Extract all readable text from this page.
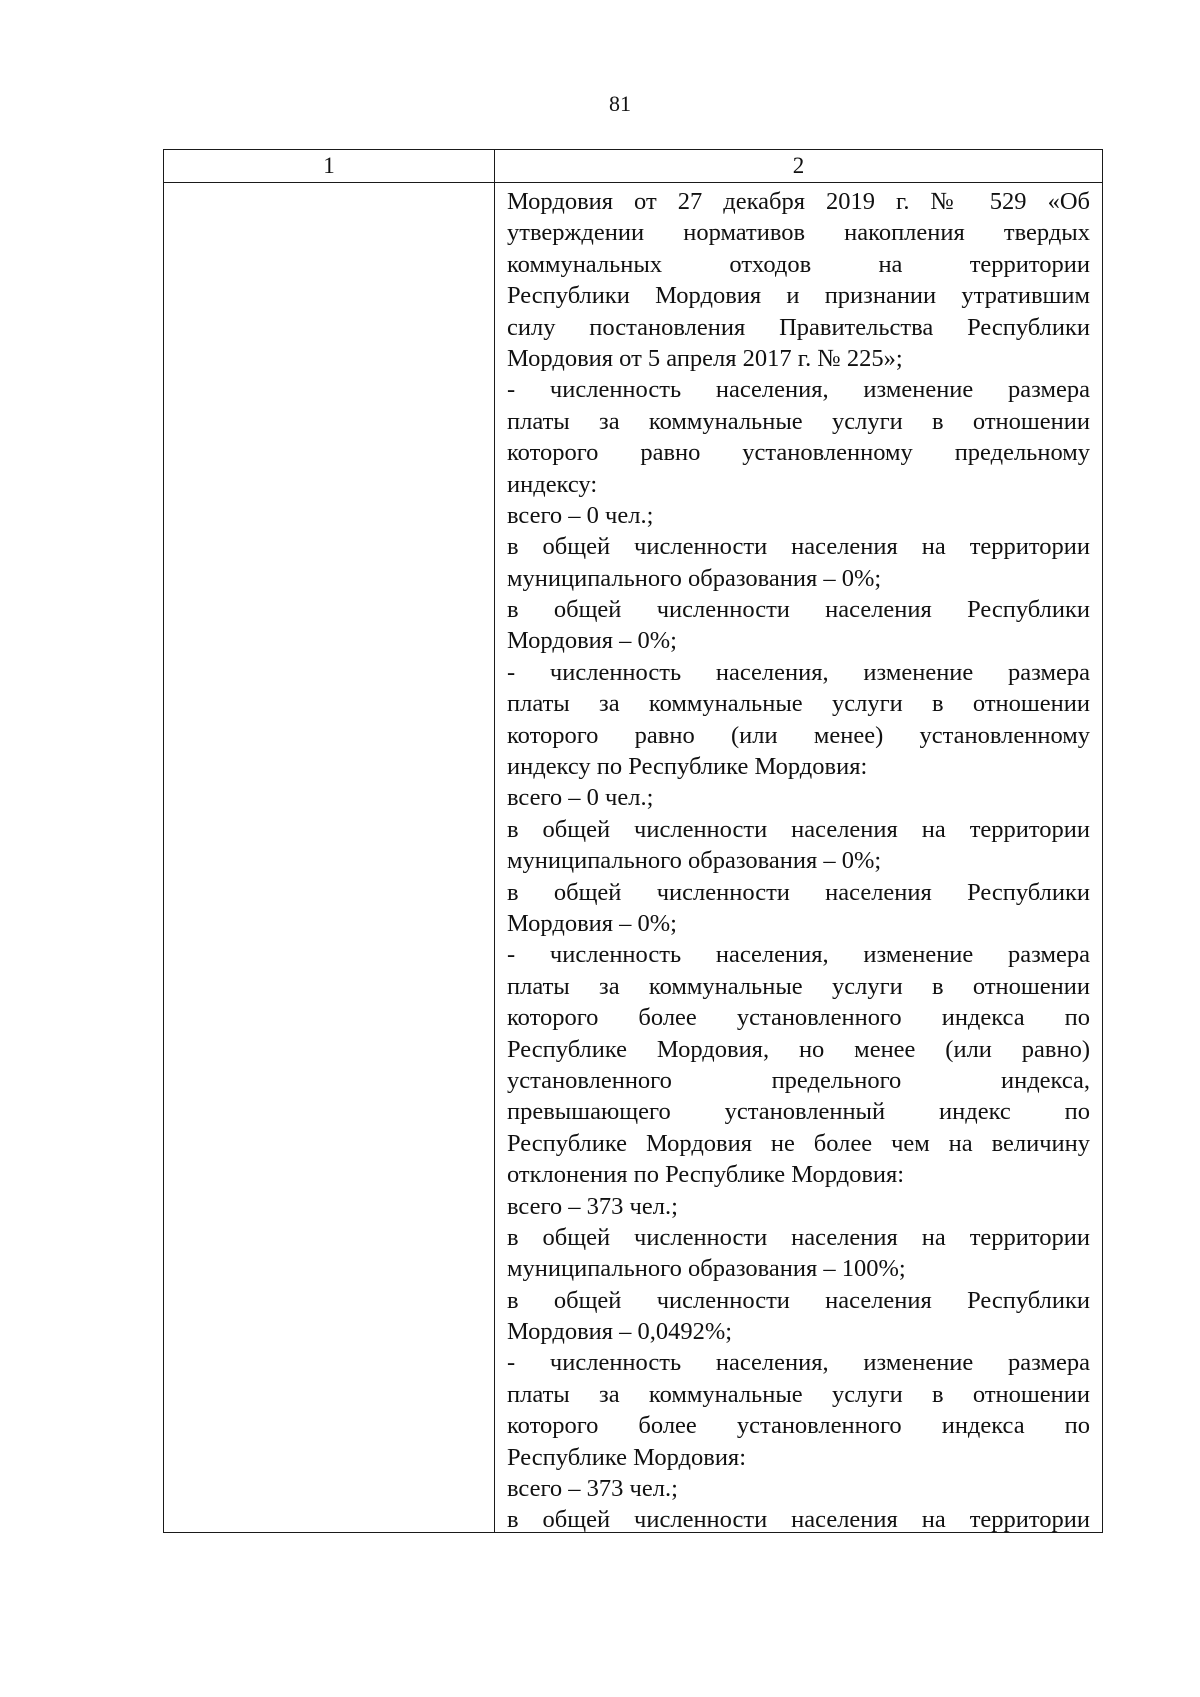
81
1	2
Мордовия от 27 декабря 2019 г. № 529 «Об
утверждении нормативов накопления твердых
коммунальных отходов на территории
Республики Мордовия и признании утратившим
силу постановления Правительства Республики
Мордовия от 5 апреля 2017 г. № 225»;
- численность населения, изменение размера
платы за коммунальные услуги в отношении
которого равно установленному предельному
индексу:
всего – 0 чел.;
в общей численности населения на территории
муниципального образования – 0%;
в общей численности населения Республики
Мордовия – 0%;
- численность населения, изменение размера
платы за коммунальные услуги в отношении
которого равно (или менее) установленному
индексу по Республике Мордовия:
всего – 0 чел.;
в общей численности населения на территории
муниципального образования – 0%;
в общей численности населения Республики
Мордовия – 0%;
- численность населения, изменение размера
платы за коммунальные услуги в отношении
которого более установленного индекса по
Республике Мордовия, но менее (или равно)
установленного предельного индекса,
превышающего установленный индекс по
Республике Мордовия не более чем на величину
отклонения по Республике Мордовия:
всего – 373 чел.;
в общей численности населения на территории
муниципального образования – 100%;
в общей численности населения Республики
Мордовия – 0,0492%;
- численность населения, изменение размера
платы за коммунальные услуги в отношении
которого более установленного индекса по
Республике Мордовия:
всего – 373 чел.;
в общей численности населения на территории
